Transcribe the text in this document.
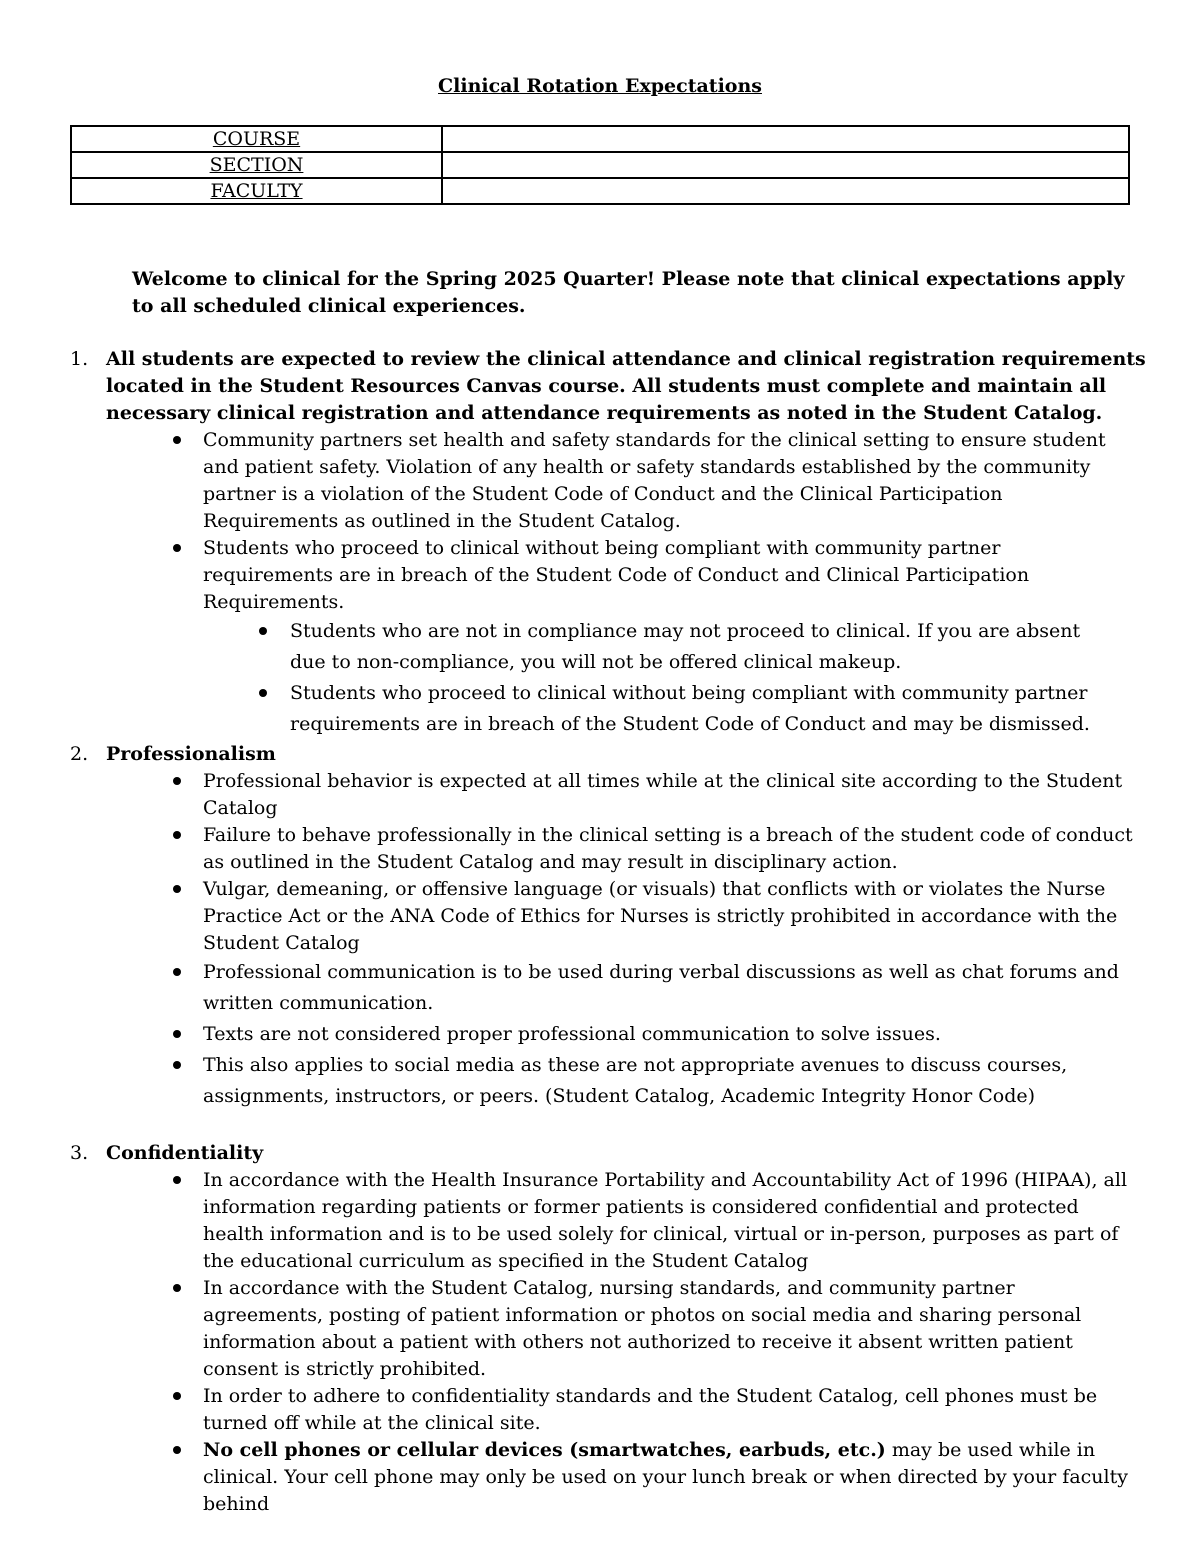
Clinical Rotation Expectations
COURSE	
SECTION	
FACULTY	
Welcome to clinical for the Spring 2025 Quarter! Please note that clinical expectations apply to all scheduled clinical experiences.
1. All students are expected to review the clinical attendance and clinical registration requirements located in the Student Resources Canvas course. All students must complete and maintain all necessary clinical registration and attendance requirements as noted in the Student Catalog.
Community partners set health and safety standards for the clinical setting to ensure student and patient safety. Violation of any health or safety standards established by the community partner is a violation of the Student Code of Conduct and the Clinical Participation Requirements as outlined in the Student Catalog.
Students who proceed to clinical without being compliant with community partner requirements are in breach of the Student Code of Conduct and Clinical Participation Requirements.
Students who are not in compliance may not proceed to clinical. If you are absent due to non-compliance, you will not be offered clinical makeup.
Students who proceed to clinical without being compliant with community partner requirements are in breach of the Student Code of Conduct and may be dismissed.
2. Professionalism
Professional behavior is expected at all times while at the clinical site according to the Student Catalog
Failure to behave professionally in the clinical setting is a breach of the student code of conduct as outlined in the Student Catalog and may result in disciplinary action.
Vulgar, demeaning, or offensive language (or visuals) that conflicts with or violates the Nurse Practice Act or the ANA Code of Ethics for Nurses is strictly prohibited in accordance with the Student Catalog
Professional communication is to be used during verbal discussions as well as chat forums and written communication.
Texts are not considered proper professional communication to solve issues.
This also applies to social media as these are not appropriate avenues to discuss courses, assignments, instructors, or peers. (Student Catalog, Academic Integrity Honor Code)
3. Confidentiality
In accordance with the Health Insurance Portability and Accountability Act of 1996 (HIPAA), all information regarding patients or former patients is considered confidential and protected health information and is to be used solely for clinical, virtual or in-person, purposes as part of the educational curriculum as specified in the Student Catalog
In accordance with the Student Catalog, nursing standards, and community partner agreements, posting of patient information or photos on social media and sharing personal information about a patient with others not authorized to receive it absent written patient consent is strictly prohibited.
In order to adhere to confidentiality standards and the Student Catalog, cell phones must be turned off while at the clinical site.
No cell phones or cellular devices (smartwatches, earbuds, etc.) may be used while in clinical. Your cell phone may only be used on your lunch break or when directed by your faculty behind
